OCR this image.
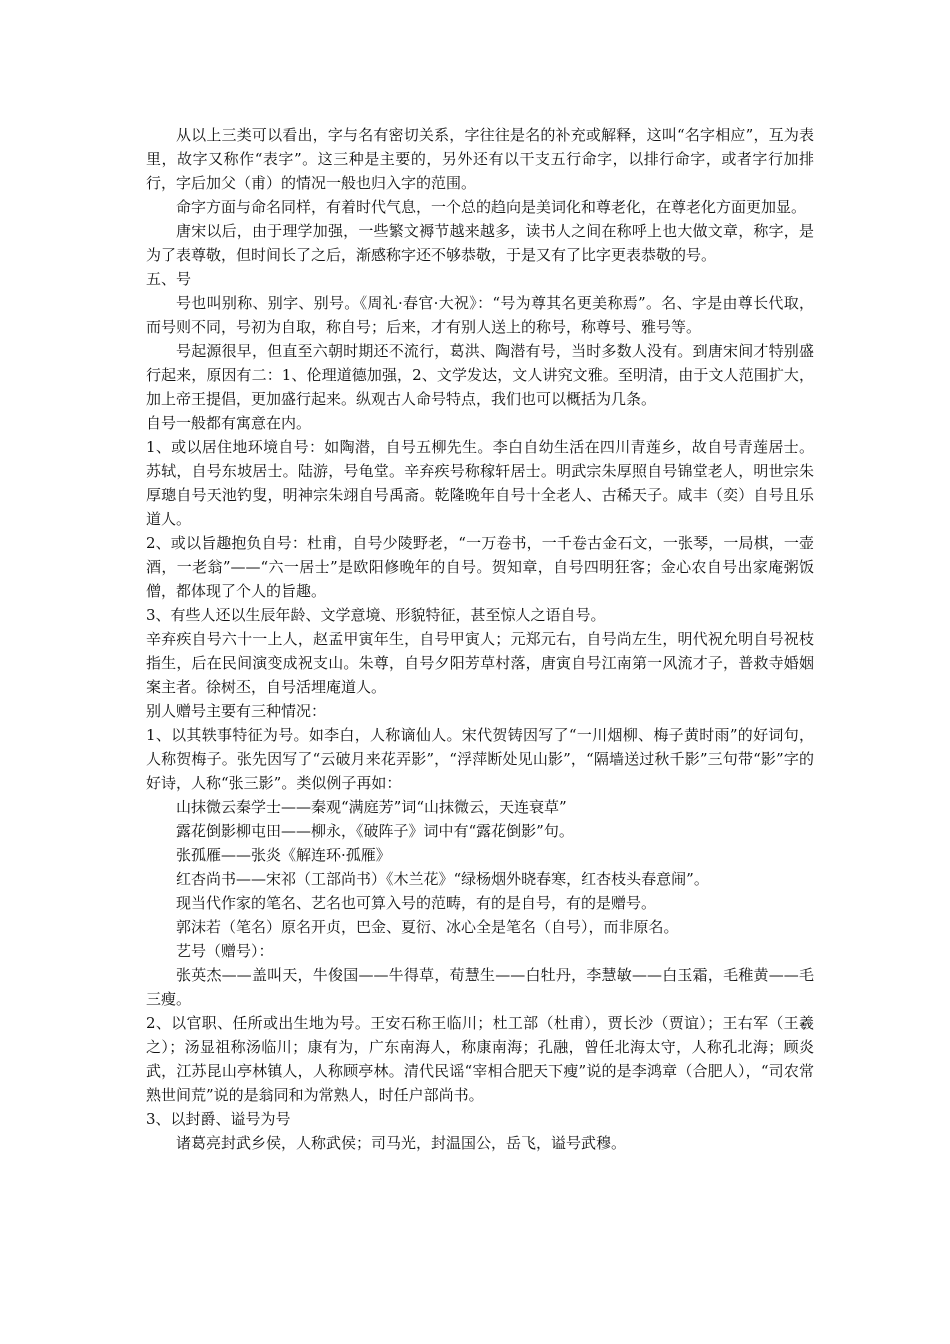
从以上三类可以看出，字与名有密切关系，字往往是名的补充或解释，这叫“名字相应”，互为表里，故字又称作“表字”。这三种是主要的，另外还有以干支五行命字，以排行命字，或者字行加排行，字后加父（甫）的情况一般也归入字的范围。

命字方面与命名同样，有着时代气息，一个总的趋向是美词化和尊老化，在尊老化方面更加显。

唐宋以后，由于理学加强，一些繁文褥节越来越多，读书人之间在称呼上也大做文章，称字，是为了表尊敬，但时间长了之后，渐感称字还不够恭敬，于是又有了比字更表恭敬的号。

五、号

号也叫别称、别字、别号。《周礼·春官·大祝》：“号为尊其名更美称焉”。名、字是由尊长代取，而号则不同，号初为自取，称自号；后来，才有别人送上的称号，称尊号、雅号等。

号起源很早，但直至六朝时期还不流行，葛洪、陶潜有号，当时多数人没有。到唐宋间才特别盛行起来，原因有二：1、伦理道德加强，2、文学发达，文人讲究文雅。至明清，由于文人范围扩大，加上帝王提倡，更加盛行起来。纵观古人命号特点，我们也可以概括为几条。

自号一般都有寓意在内。

1、或以居住地环境自号：如陶潜，自号五柳先生。李白自幼生活在四川青莲乡，故自号青莲居士。苏轼，自号东坡居士。陆游，号龟堂。辛弃疾号称稼轩居士。明武宗朱厚照自号锦堂老人，明世宗朱厚璁自号天池钓叟，明神宗朱翊自号禹斋。乾隆晚年自号十全老人、古稀天子。咸丰（奕）自号且乐道人。

2、或以旨趣抱负自号：杜甫，自号少陵野老，“一万卷书，一千卷古金石文，一张琴，一局棋，一壶酒，一老翁”——“六一居士”是欧阳修晚年的自号。贺知章，自号四明狂客；金心农自号出家庵粥饭僧，都体现了个人的旨趣。

3、有些人还以生辰年龄、文学意境、形貌特征，甚至惊人之语自号。

辛弃疾自号六十一上人，赵孟甲寅年生，自号甲寅人；元郑元右，自号尚左生，明代祝允明自号祝枝指生，后在民间演变成祝支山。朱尊，自号夕阳芳草村落，唐寅自号江南第一风流才子，普救寺婚姻案主者。徐树丕，自号活埋庵道人。

别人赠号主要有三种情况：

1、以其轶事特征为号。如李白，人称谪仙人。宋代贺铸因写了“一川烟柳、梅子黄时雨”的好词句，人称贺梅子。张先因写了“云破月来花弄影”，“浮萍断处见山影”，“隔墙送过秋千影”三句带“影”字的好诗，人称“张三影”。类似例子再如：

山抹微云秦学士——秦观“满庭芳”词“山抹微云，天连衰草”

露花倒影柳屯田——柳永，《破阵子》词中有“露花倒影”句。

张孤雁——张炎《解连环·孤雁》

红杏尚书——宋祁（工部尚书）《木兰花》“绿杨烟外晓春寒，红杏枝头春意闹”。

现当代作家的笔名、艺名也可算入号的范畴，有的是自号，有的是赠号。

郭沫若（笔名）原名开贞，巴金、夏衍、冰心全是笔名（自号），而非原名。

艺号（赠号）：

张英杰——盖叫天，牛俊国——牛得草，荀慧生——白牡丹，李慧敏——白玉霜，毛稚黄——毛三瘦。

2、以官职、任所或出生地为号。王安石称王临川；杜工部（杜甫），贾长沙（贾谊）；王右军（王羲之）；汤显祖称汤临川；康有为，广东南海人，称康南海；孔融，曾任北海太守，人称孔北海；顾炎武，江苏昆山亭林镇人，人称顾亭林。清代民谣“宰相合肥天下瘦”说的是李鸿章（合肥人），“司农常熟世间荒”说的是翁同和为常熟人，时任户部尚书。

3、以封爵、谥号为号

诸葛亮封武乡侯，人称武侯；司马光，封温国公，岳飞，谥号武穆。
